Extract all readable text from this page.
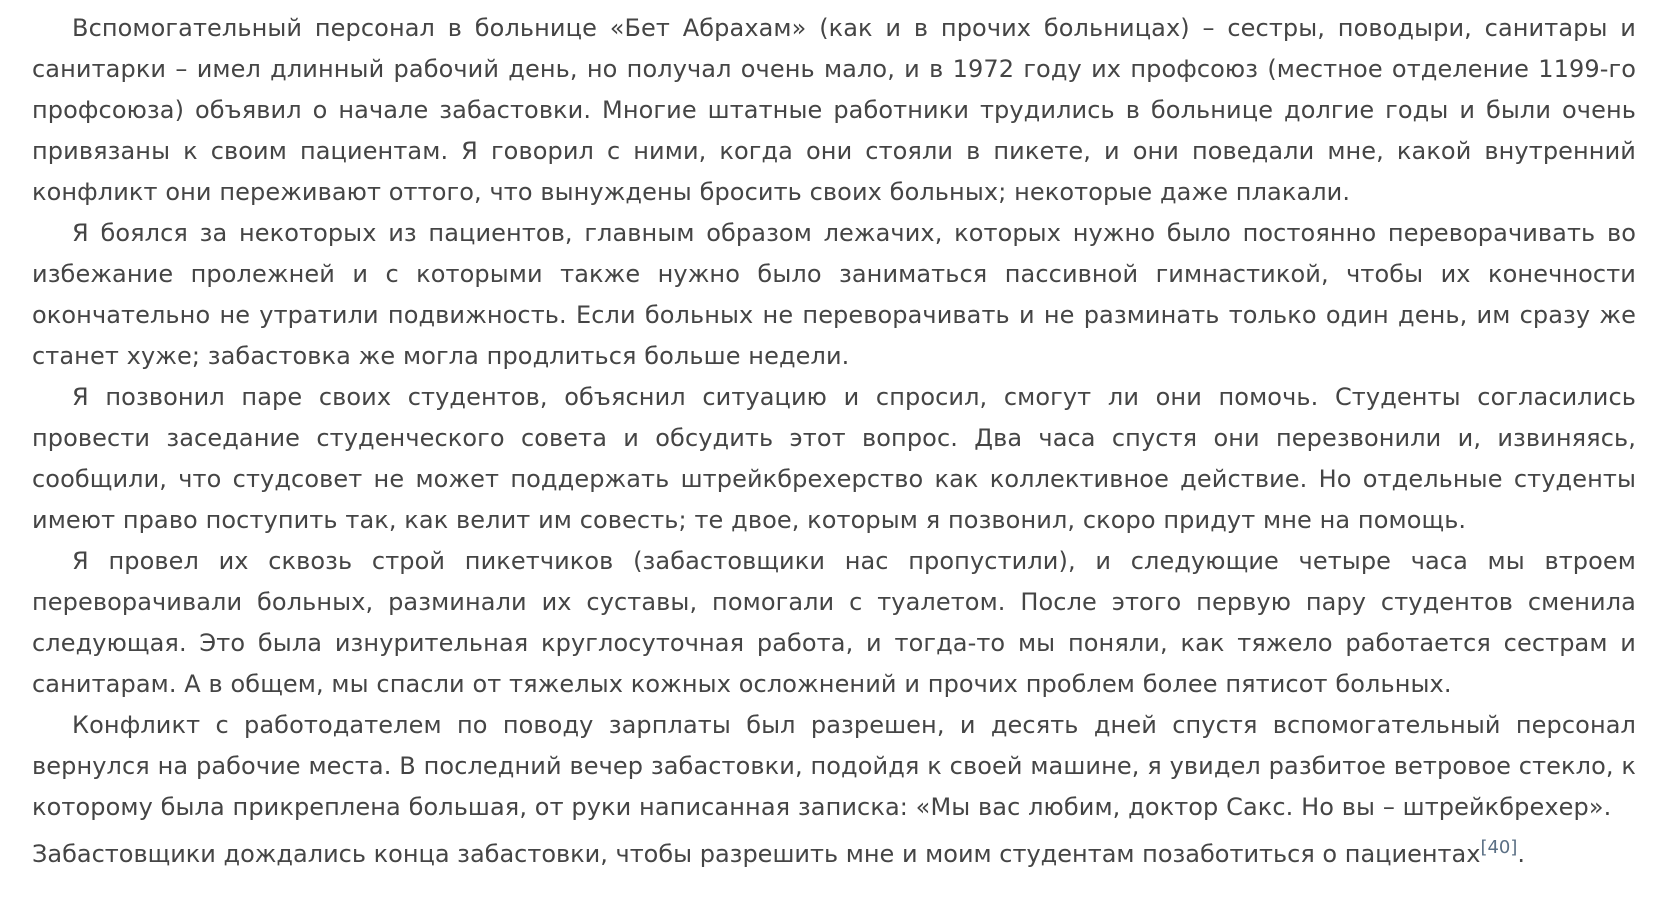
Вспомогательный персонал в больнице «Бет Абрахам» (как и в прочих больницах) – сестры, поводыри, санитары и санитарки – имел длинный рабочий день, но получал очень мало, и в 1972 году их профсоюз (местное отделение 1199-го профсоюза) объявил о начале забастовки. Многие штатные работники трудились в больнице долгие годы и были очень привязаны к своим пациентам. Я говорил с ними, когда они стояли в пикете, и они поведали мне, какой внутренний конфликт они переживают оттого, что вынуждены бросить своих больных; некоторые даже плакали.

Я боялся за некоторых из пациентов, главным образом лежачих, которых нужно было постоянно переворачивать во избежание пролежней и с которыми также нужно было заниматься пассивной гимнастикой, чтобы их конечности окончательно не утратили подвижность. Если больных не переворачивать и не разминать только один день, им сразу же станет хуже; забастовка же могла продлиться больше недели.

Я позвонил паре своих студентов, объяснил ситуацию и спросил, смогут ли они помочь. Студенты согласились провести заседание студенческого совета и обсудить этот вопрос. Два часа спустя они перезвонили и, извиняясь, сообщили, что студсовет не может поддержать штрейкбрехерство как коллективное действие. Но отдельные студенты имеют право поступить так, как велит им совесть; те двое, которым я позвонил, скоро придут мне на помощь.

Я провел их сквозь строй пикетчиков (забастовщики нас пропустили), и следующие четыре часа мы втроем переворачивали больных, разминали их суставы, помогали с туалетом. После этого первую пару студентов сменила следующая. Это была изнурительная круглосуточная работа, и тогда-то мы поняли, как тяжело работается сестрам и санитарам. А в общем, мы спасли от тяжелых кожных осложнений и прочих проблем более пятисот больных.

Конфликт с работодателем по поводу зарплаты был разрешен, и десять дней спустя вспомогательный персонал вернулся на рабочие места. В последний вечер забастовки, подойдя к своей машине, я увидел разбитое ветровое стекло, к которому была прикреплена большая, от руки написанная записка: «Мы вас любим, доктор Сакс. Но вы – штрейкбрехер».

Забастовщики дождались конца забастовки, чтобы разрешить мне и моим студентам позаботиться о пациентах[40].
